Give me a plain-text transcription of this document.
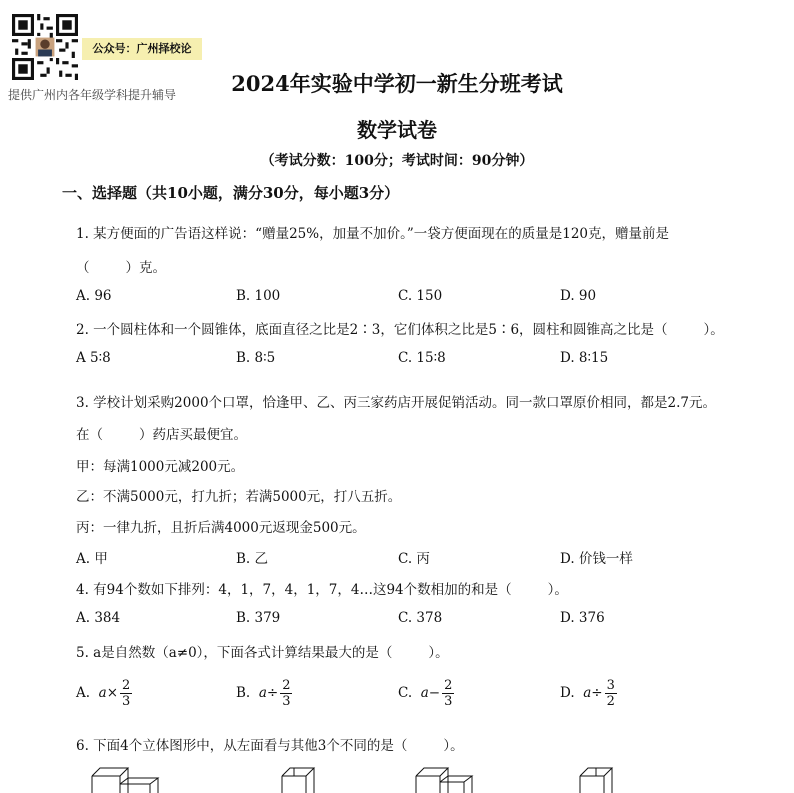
公众号：广州择校论
提供广州内各年级学科提升辅导	2024年实验中学初一新生分班考试
数学试卷
（考试分数：100分；考试时间：90分钟）
一、选择题（共10小题，满分30分，每小题3分）
1. 某方便面的广告语这样说：“赠量25%，加量不加价。”一袋方便面现在的质量是120克，赠量前是
（	）克。
A. 96	B. 100	C. 150	D. 90
2. 一个圆柱体和一个圆锥体，底面直径之比是2∶3，它们体积之比是5∶6，圆柱和圆锥高之比是（	）。
A 5∶8	B. 8∶5	C. 15∶8	D. 8∶15
3. 学校计划采购2000个口罩，恰逢甲、乙、丙三家药店开展促销活动。同一款口罩原价相同，都是2.7元。
在（	）药店买最便宜。
甲：每满1000元减200元。
乙：不满5000元，打九折；若满5000元，打八五折。
丙：一律九折，且折后满4000元返现金500元。
A. 甲	B. 乙	C. 丙	D. 价钱一样
4. 有94个数如下排列：4，1，7，4，1，7，4…这94个数相加的和是（	）。
A. 384	B. 379	C. 378	D. 376
5. a是自然数（a≠0），下面各式计算结果最大的是（	）。
A. $a\times \frac{2}{3}$	B. $a\div \frac{2}{3}$	C. $a- \frac{2}{3}$	D. $a\div \frac{3}{2}$
6. 下面4个立体图形中，从左面看与其他3个不同的是（	）。
